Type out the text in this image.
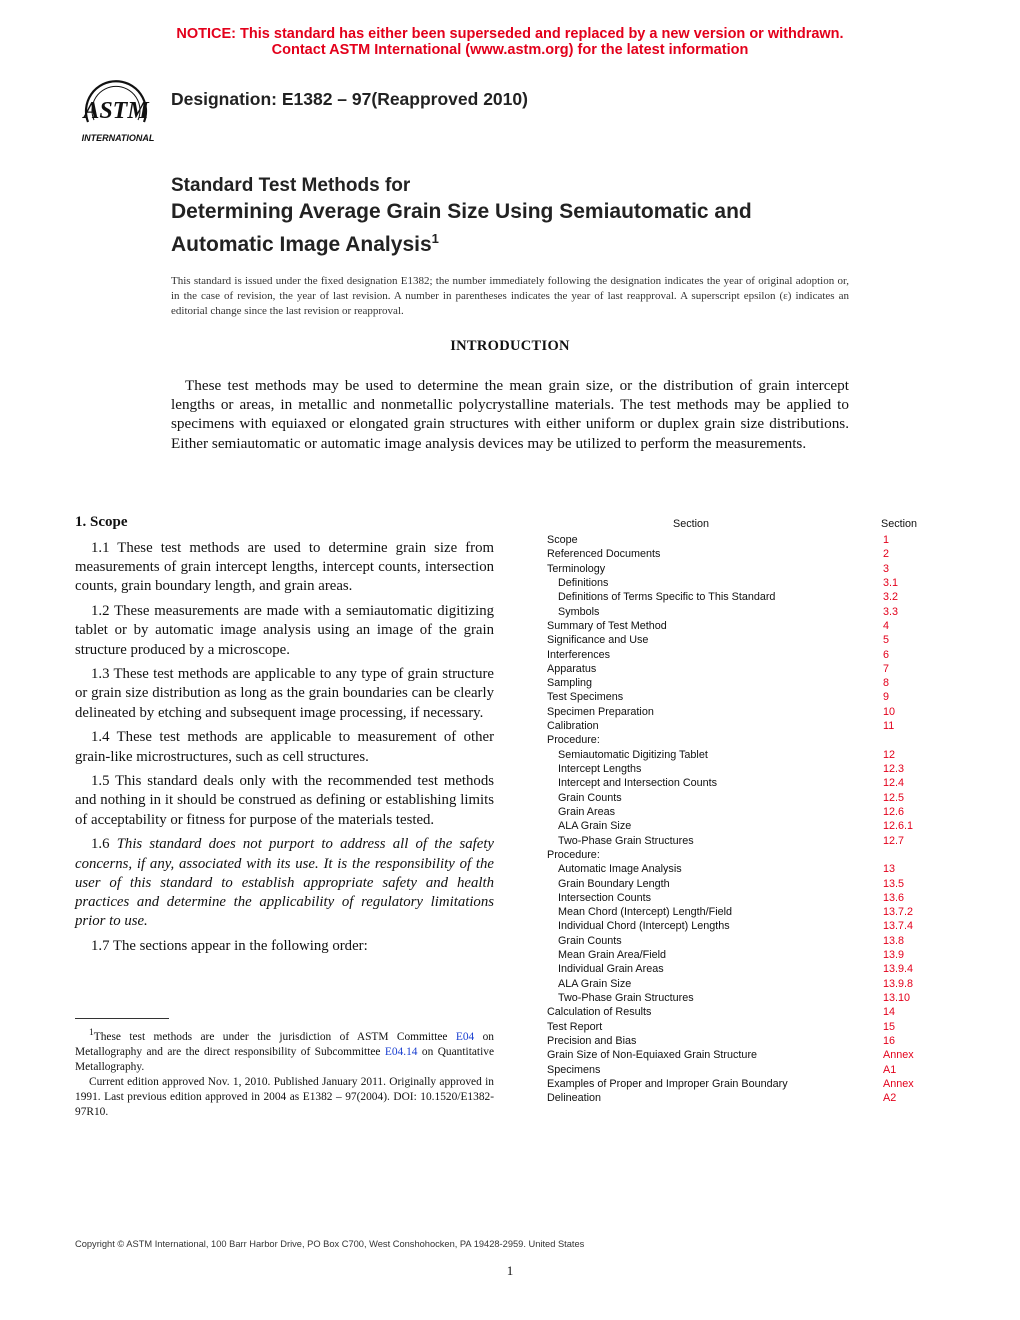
NOTICE: This standard has either been superseded and replaced by a new version or withdrawn.
Contact ASTM International (www.astm.org) for the latest information
ASTM
INTERNATIONAL
Designation: E1382 – 97(Reapproved 2010)
Standard Test Methods for
Determining Average Grain Size Using Semiautomatic and
Automatic Image Analysis$^1$
This standard is issued under the fixed designation E1382; the number immediately following the designation indicates the year of original adoption or, in the case of revision, the year of last revision. A number in parentheses indicates the year of last reapproval. A superscript epsilon (ε) indicates an editorial change since the last revision or reapproval.
INTRODUCTION
These test methods may be used to determine the mean grain size, or the distribution of grain intercept lengths or areas, in metallic and nonmetallic polycrystalline materials. The test methods may be applied to specimens with equiaxed or elongated grain structures with either uniform or duplex grain size distributions. Either semiautomatic or automatic image analysis devices may be utilized to perform the measurements.
1. Scope

1.1 These test methods are used to determine grain size from measurements of grain intercept lengths, intercept counts, intersection counts, grain boundary length, and grain areas.

1.2 These measurements are made with a semiautomatic digitizing tablet or by automatic image analysis using an image of the grain structure produced by a microscope.

1.3 These test methods are applicable to any type of grain structure or grain size distribution as long as the grain boundaries can be clearly delineated by etching and subsequent image processing, if necessary.

1.4 These test methods are applicable to measurement of other grain-like microstructures, such as cell structures.

1.5 This standard deals only with the recommended test methods and nothing in it should be construed as defining or establishing limits of acceptability or fitness for purpose of the materials tested.

1.6 This standard does not purport to address all of the safety concerns, if any, associated with its use. It is the responsibility of the user of this standard to establish appropriate safety and health practices and determine the applicability of regulatory limitations prior to use.

1.7 The sections appear in the following order:

$^1$These test methods are under the jurisdiction of ASTM Committee E04 on Metallography and are the direct responsibility of Subcommittee E04.14 on Quantitative Metallography.

Current edition approved Nov. 1, 2010. Published January 2011. Originally approved in 1991. Last previous edition approved in 2004 as E1382 – 97(2004). DOI: 10.1520/E1382-97R10.

Section	Section
Scope	1
Referenced Documents	2
Terminology	3
Definitions	3.1
Definitions of Terms Specific to This Standard	3.2
Symbols	3.3
Summary of Test Method	4
Significance and Use	5
Interferences	6
Apparatus	7
Sampling	8
Test Specimens	9
Specimen Preparation	10
Calibration	11
Procedure:
Semiautomatic Digitizing Tablet	12
Intercept Lengths	12.3
Intercept and Intersection Counts	12.4
Grain Counts	12.5
Grain Areas	12.6
ALA Grain Size	12.6.1
Two-Phase Grain Structures	12.7
Procedure:
Automatic Image Analysis	13
Grain Boundary Length	13.5
Intersection Counts	13.6
Mean Chord (Intercept) Length/Field	13.7.2
Individual Chord (Intercept) Lengths	13.7.4
Grain Counts	13.8
Mean Grain Area/Field	13.9
Individual Grain Areas	13.9.4
ALA Grain Size	13.9.8
Two-Phase Grain Structures	13.10
Calculation of Results	14
Test Report	15
Precision and Bias	16
Grain Size of Non-Equiaxed Grain Structure	Annex
Specimens	A1
Examples of Proper and Improper Grain Boundary	Annex
Delineation	A2
Copyright © ASTM International, 100 Barr Harbor Drive, PO Box C700, West Conshohocken, PA 19428-2959. United States
1
